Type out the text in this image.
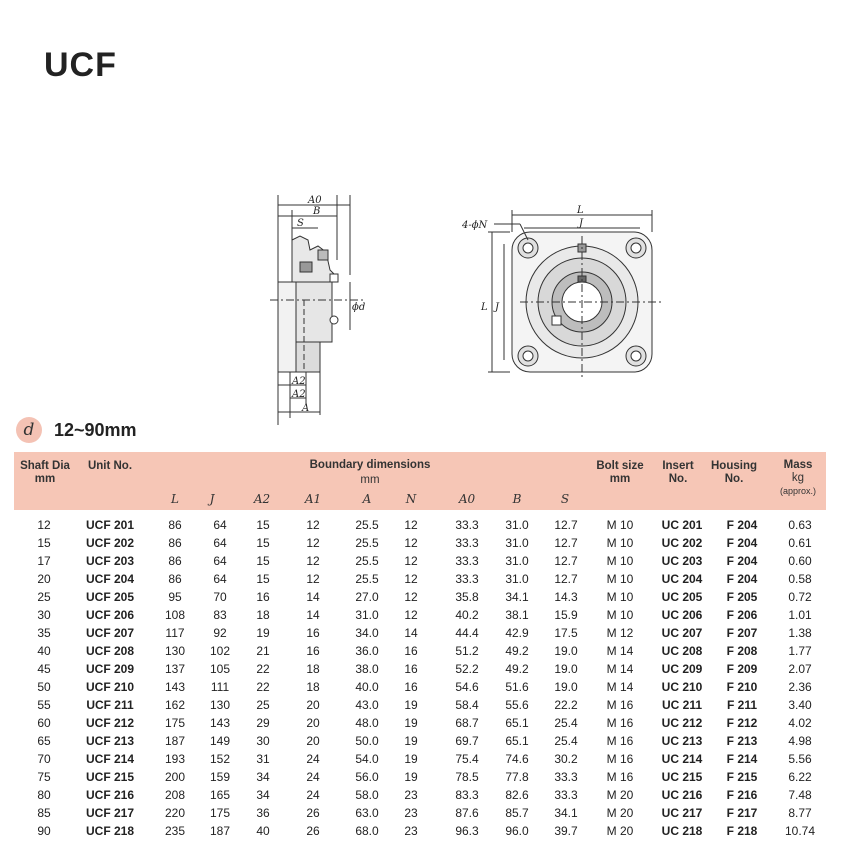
UCF
A0
B
S
ϕd
A2
A2
A
L
J
4-ϕN
L J
d	12~90mm
Shaft Dia
mm
Unit No.	Boundary dimensions
mm
Bolt size
mm
Insert
No.
Housing
No.
Mass
kg
(approx.)
L	J	A2	A1	A	N	A0	B	S
12	UCF 201	86	64	15	12	25.5	12	33.3	31.0	12.7	M 10	UC 201	F 204	0.63
15	UCF 202	86	64	15	12	25.5	12	33.3	31.0	12.7	M 10	UC 202	F 204	0.61
17	UCF 203	86	64	15	12	25.5	12	33.3	31.0	12.7	M 10	UC 203	F 204	0.60
20	UCF 204	86	64	15	12	25.5	12	33.3	31.0	12.7	M 10	UC 204	F 204	0.58
25	UCF 205	95	70	16	14	27.0	12	35.8	34.1	14.3	M 10	UC 205	F 205	0.72
30	UCF 206	108	83	18	14	31.0	12	40.2	38.1	15.9	M 10	UC 206	F 206	1.01
35	UCF 207	117	92	19	16	34.0	14	44.4	42.9	17.5	M 12	UC 207	F 207	1.38
40	UCF 208	130	102	21	16	36.0	16	51.2	49.2	19.0	M 14	UC 208	F 208	1.77
45	UCF 209	137	105	22	18	38.0	16	52.2	49.2	19.0	M 14	UC 209	F 209	2.07
50	UCF 210	143	111	22	18	40.0	16	54.6	51.6	19.0	M 14	UC 210	F 210	2.36
55	UCF 211	162	130	25	20	43.0	19	58.4	55.6	22.2	M 16	UC 211	F 211	3.40
60	UCF 212	175	143	29	20	48.0	19	68.7	65.1	25.4	M 16	UC 212	F 212	4.02
65	UCF 213	187	149	30	20	50.0	19	69.7	65.1	25.4	M 16	UC 213	F 213	4.98
70	UCF 214	193	152	31	24	54.0	19	75.4	74.6	30.2	M 16	UC 214	F 214	5.56
75	UCF 215	200	159	34	24	56.0	19	78.5	77.8	33.3	M 16	UC 215	F 215	6.22
80	UCF 216	208	165	34	24	58.0	23	83.3	82.6	33.3	M 20	UC 216	F 216	7.48
85	UCF 217	220	175	36	26	63.0	23	87.6	85.7	34.1	M 20	UC 217	F 217	8.77
90	UCF 218	235	187	40	26	68.0	23	96.3	96.0	39.7	M 20	UC 218	F 218	10.74
